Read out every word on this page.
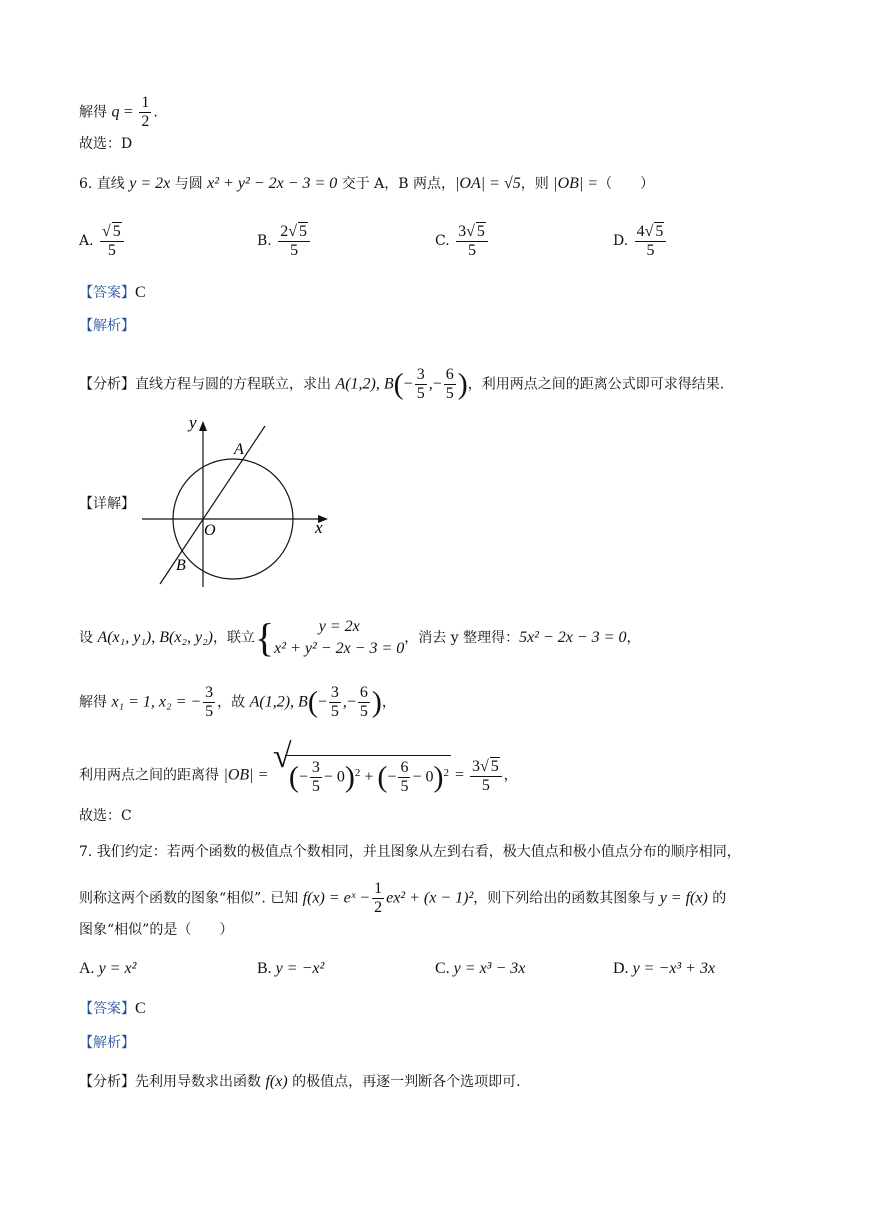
解得 $q = \frac{1}{2}$ .
故选：D
6. 直线 y = 2x 与圆 x² + y² − 2x − 3 = 0 交于 A，B 两点，|OA| = √5，则 |OB| =（　　）
A. $\frac{√ 5}{5}$	B. $\frac{2√ 5}{5}$	C. $\frac{3√ 5}{5}$	D. $\frac{4√ 5}{5}$
【答案】C
【解析】
【分析】直线方程与圆的方程联立，求出 A(1,2), $B(- \frac{3}{5}$ ,− $\frac{6}{5}$ )，利用两点之间的距离公式即可求得结果.
【详解】
y
x
O
A
B
设 A(x₁, y₁), B(x₂, y₂)，联立{	y = 2x
x² + y² − 2x − 3 = 0
，消去 y 整理得：5x² − 2x − 3 = 0，
解得 x₁ = 1, x₂ = − $\frac{3}{5}$ ，故 A(1,2), $B(- \frac{3}{5}$ ,− $\frac{6}{5}$ )，
利用两点之间的距离得 |OB| = √
(− $\frac{3}{5} - 0)^2$ + (− $\frac{6}{5} - 0)^2 = \frac{3√ 5}{5}$ ，
故选：C
7. 我们约定：若两个函数的极值点个数相同，并且图象从左到右看，极大值点和极小值点分布的顺序相同，
则称这两个函数的图象“相似”. 已知 f(x) = eˣ − $\frac{1}{2} ex^2 + (x - 1)^2$，则下列给出的函数其图象与 y = f(x) 的
图象“相似”的是（　　）
A. y = x²	B. y = −x²	C. y = x³ − 3x	D. y = −x³ + 3x
【答案】C
【解析】
【分析】先利用导数求出函数 f(x) 的极值点，再逐一判断各个选项即可.
